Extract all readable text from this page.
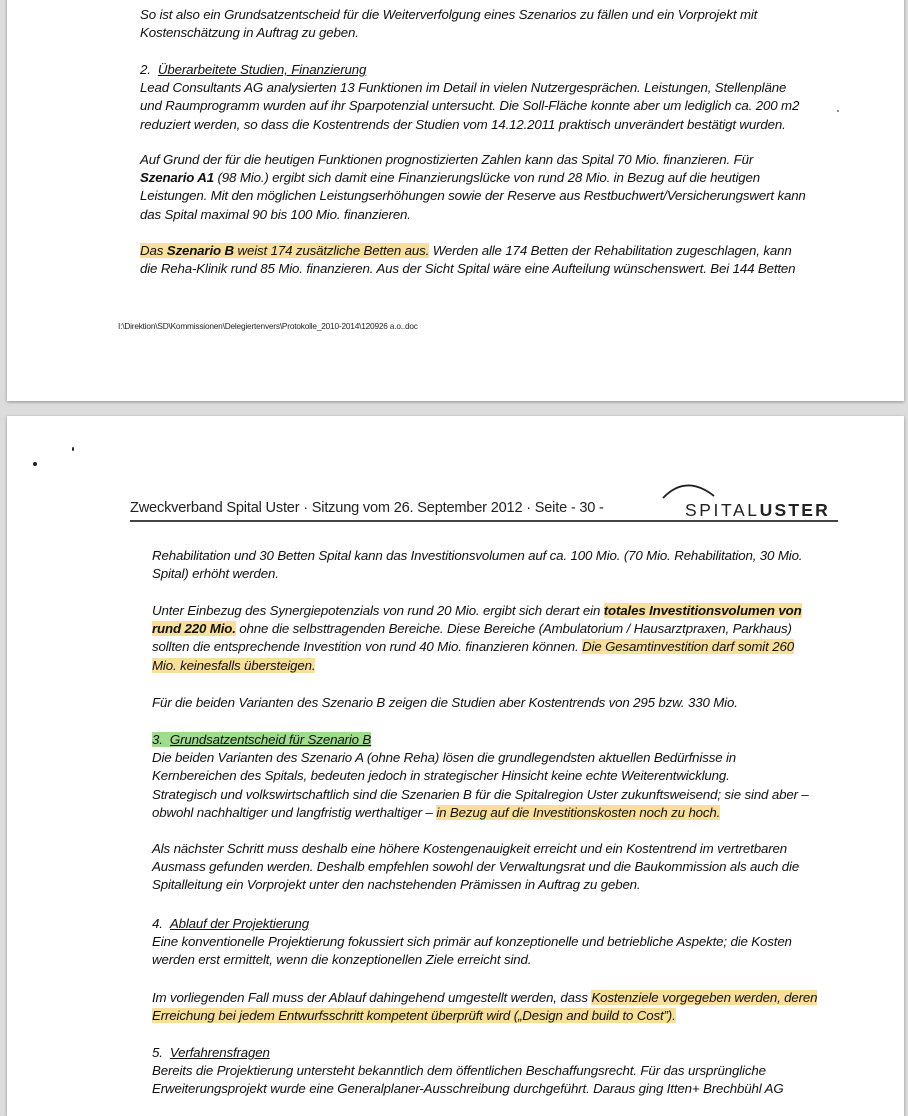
So ist also ein Grundsatzentscheid für die Weiterverfolgung eines Szenarios zu fällen und ein Vorprojekt mit
Kostenschätzung in Auftrag zu geben.
2. Überarbeitete Studien, Finanzierung
Lead Consultants AG analysierten 13 Funktionen im Detail in vielen Nutzergesprächen. Leistungen, Stellenpläne
und Raumprogramm wurden auf ihr Sparpotenzial untersucht. Die Soll-Fläche konnte aber um lediglich ca. 200 m2
reduziert werden, so dass die Kostentrends der Studien vom 14.12.2011 praktisch unverändert bestätigt wurden.
Auf Grund der für die heutigen Funktionen prognostizierten Zahlen kann das Spital 70 Mio. finanzieren. Für
Szenario A1 (98 Mio.) ergibt sich damit eine Finanzierungslücke von rund 28 Mio. in Bezug auf die heutigen
Leistungen. Mit den möglichen Leistungserhöhungen sowie der Reserve aus Restbuchwert/Versicherungswert kann
das Spital maximal 90 bis 100 Mio. finanzieren.
Das Szenario B weist 174 zusätzliche Betten aus. Werden alle 174 Betten der Rehabilitation zugeschlagen, kann
die Reha-Klinik rund 85 Mio. finanzieren. Aus der Sicht Spital wäre eine Aufteilung wünschenswert. Bei 144 Betten
I:\Direktion\SD\Kommissionen\Delegiertenvers\Protokolle_2010-2014\120926 a.o..doc
Zweckverband Spital Uster · Sitzung vom 26. September 2012 · Seite - 30 -	SPITALUSTER
Rehabilitation und 30 Betten Spital kann das Investitionsvolumen auf ca. 100 Mio. (70 Mio. Rehabilitation, 30 Mio.
Spital) erhöht werden.
Unter Einbezug des Synergiepotenzials von rund 20 Mio. ergibt sich derart ein totales Investitionsvolumen von
rund 220 Mio. ohne die selbsttragenden Bereiche. Diese Bereiche (Ambulatorium / Hausarztpraxen, Parkhaus)
sollten die entsprechende Investition von rund 40 Mio. finanzieren können. Die Gesamtinvestition darf somit 260
Mio. keinesfalls übersteigen.
Für die beiden Varianten des Szenario B zeigen die Studien aber Kostentrends von 295 bzw. 330 Mio.
3. Grundsatzentscheid für Szenario B
Die beiden Varianten des Szenario A (ohne Reha) lösen die grundlegendsten aktuellen Bedürfnisse in
Kernbereichen des Spitals, bedeuten jedoch in strategischer Hinsicht keine echte Weiterentwicklung.
Strategisch und volkswirtschaftlich sind die Szenarien B für die Spitalregion Uster zukunftsweisend; sie sind aber –
obwohl nachhaltiger und langfristig werthaltiger – in Bezug auf die Investitionskosten noch zu hoch.
Als nächster Schritt muss deshalb eine höhere Kostengenauigkeit erreicht und ein Kostentrend im vertretbaren
Ausmass gefunden werden. Deshalb empfehlen sowohl der Verwaltungsrat und die Baukommission als auch die
Spitalleitung ein Vorprojekt unter den nachstehenden Prämissen in Auftrag zu geben.
4. Ablauf der Projektierung
Eine konventionelle Projektierung fokussiert sich primär auf konzeptionelle und betriebliche Aspekte; die Kosten
werden erst ermittelt, wenn die konzeptionellen Ziele erreicht sind.
Im vorliegenden Fall muss der Ablauf dahingehend umgestellt werden, dass Kostenziele vorgegeben werden, deren
Erreichung bei jedem Entwurfsschritt kompetent überprüft wird („Design and build to Cost”).
5. Verfahrensfragen
Bereits die Projektierung untersteht bekanntlich dem öffentlichen Beschaffungsrecht. Für das ursprüngliche
Erweiterungsprojekt wurde eine Generalplaner-Ausschreibung durchgeführt. Daraus ging Itten+ Brechbühl AG
